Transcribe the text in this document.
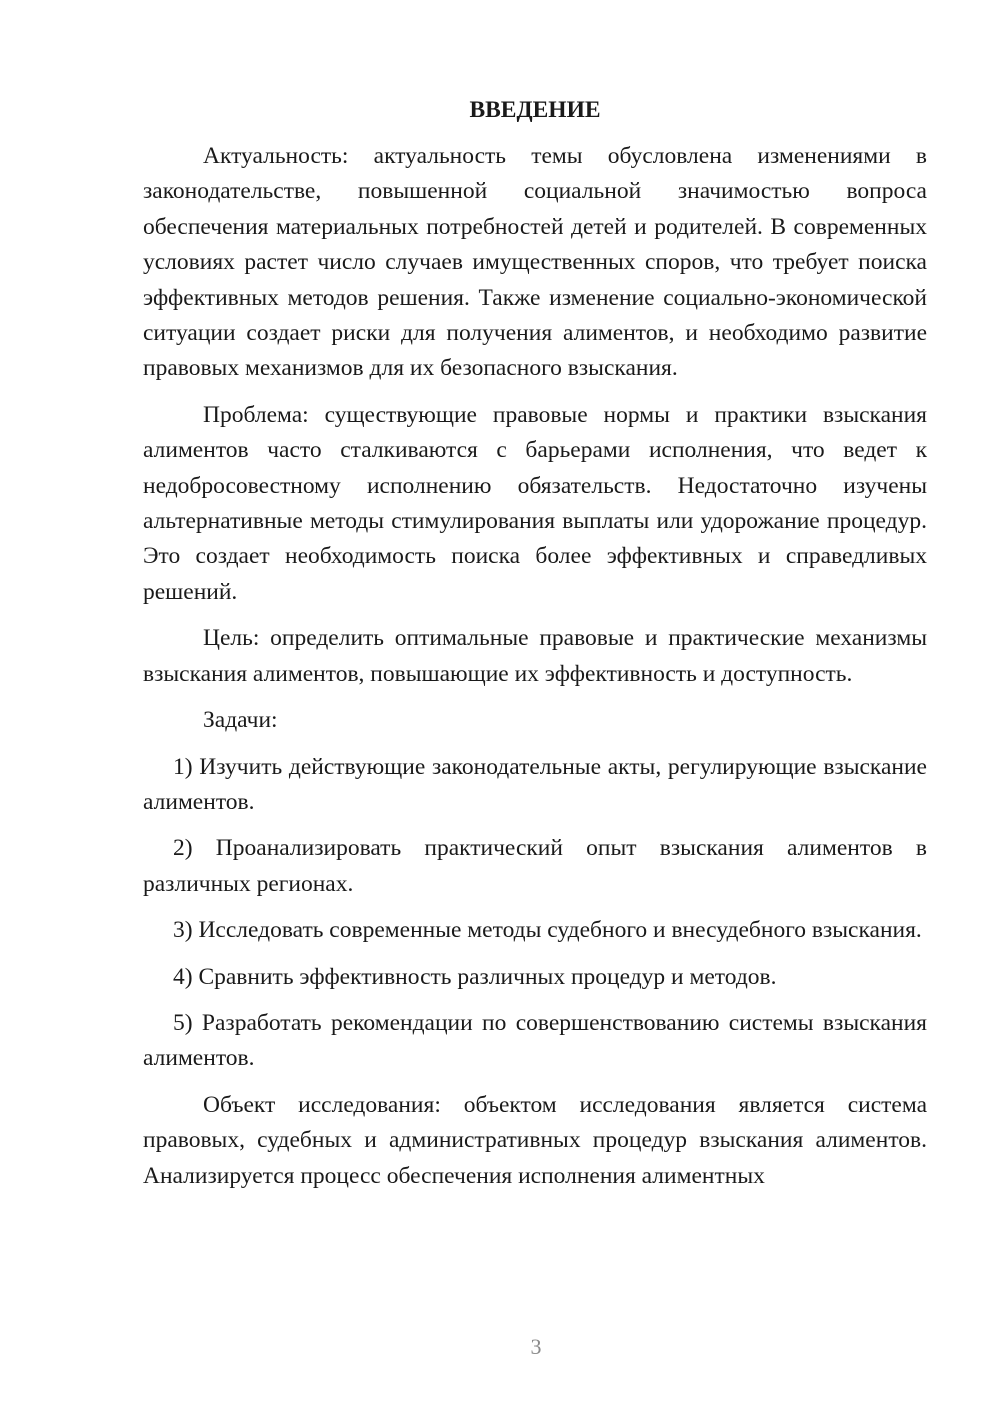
ВВЕДЕНИЕ

Актуальность: актуальность темы обусловлена изменениями в законодательстве, повышенной социальной значимостью вопроса обеспечения материальных потребностей детей и родителей. В современных условиях растет число случаев имущественных споров, что требует поиска эффективных методов решения. Также изменение социально-экономической ситуации создает риски для получения алиментов, и необходимо развитие правовых механизмов для их безопасного взыскания.

Проблема: существующие правовые нормы и практики взыскания алиментов часто сталкиваются с барьерами исполнения, что ведет к недобросовестному исполнению обязательств. Недостаточно изучены альтернативные методы стимулирования выплаты или удорожание процедур. Это создает необходимость поиска более эффективных и справедливых решений.

Цель: определить оптимальные правовые и практические механизмы взыскания алиментов, повышающие их эффективность и доступность.

Задачи:

1) Изучить действующие законодательные акты, регулирующие взыскание алиментов.

2) Проанализировать практический опыт взыскания алиментов в различных регионах.

3) Исследовать современные методы судебного и внесудебного взыскания.

4) Сравнить эффективность различных процедур и методов.

5) Разработать рекомендации по совершенствованию системы взыскания алиментов.

Объект исследования: объектом исследования является система правовых, судебных и административных процедур взыскания алиментов. Анализируется процесс обеспечения исполнения алиментных

3
